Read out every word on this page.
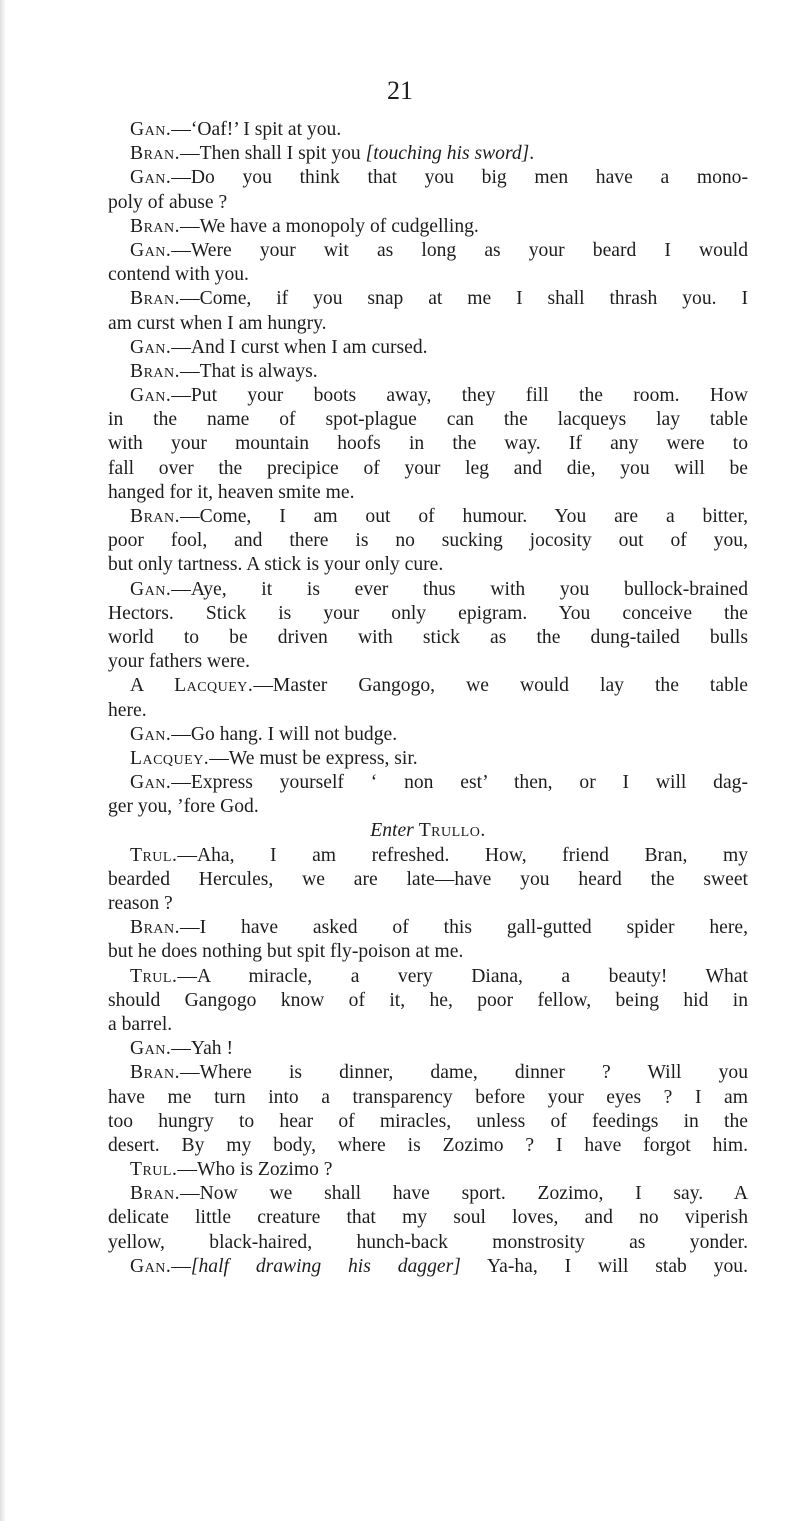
21
Gan.—‘Oaf!’ I spit at you.
Bran.—Then shall I spit you [touching his sword].
Gan.—Do you think that you big men have a mono-
poly of abuse ?
Bran.—We have a monopoly of cudgelling.
Gan.—Were your wit as long as your beard I would
contend with you.
Bran.—Come, if you snap at me I shall thrash you. I
am curst when I am hungry.
Gan.—And I curst when I am cursed.
Bran.—That is always.
Gan.—Put your boots away, they fill the room. How
in the name of spot-plague can the lacqueys lay table
with your mountain hoofs in the way. If any were to
fall over the precipice of your leg and die, you will be
hanged for it, heaven smite me.
Bran.—Come, I am out of humour. You are a bitter,
poor fool, and there is no sucking jocosity out of you,
but only tartness. A stick is your only cure.
Gan.—Aye, it is ever thus with you bullock-brained
Hectors. Stick is your only epigram. You conceive the
world to be driven with stick as the dung-tailed bulls
your fathers were.
A Lacquey.—Master Gangogo, we would lay the table
here.
Gan.—Go hang. I will not budge.
Lacquey.—We must be express, sir.
Gan.—Express yourself ‘ non est’ then, or I will dag-
ger you, ’fore God.
Enter Trullo.
Trul.—Aha, I am refreshed. How, friend Bran, my
bearded Hercules, we are late—have you heard the sweet
reason ?
Bran.—I have asked of this gall-gutted spider here,
but he does nothing but spit fly-poison at me.
Trul.—A miracle, a very Diana, a beauty! What
should Gangogo know of it, he, poor fellow, being hid in
a barrel.
Gan.—Yah !
Bran.—Where is dinner, dame, dinner ? Will you
have me turn into a transparency before your eyes ? I am
too hungry to hear of miracles, unless of feedings in the
desert. By my body, where is Zozimo ? I have forgot him.
Trul.—Who is Zozimo ?
Bran.—Now we shall have sport. Zozimo, I say. A
delicate little creature that my soul loves, and no viperish
yellow, black-haired, hunch-back monstrosity as yonder.
Gan.—[half drawing his dagger] Ya-ha, I will stab you.
